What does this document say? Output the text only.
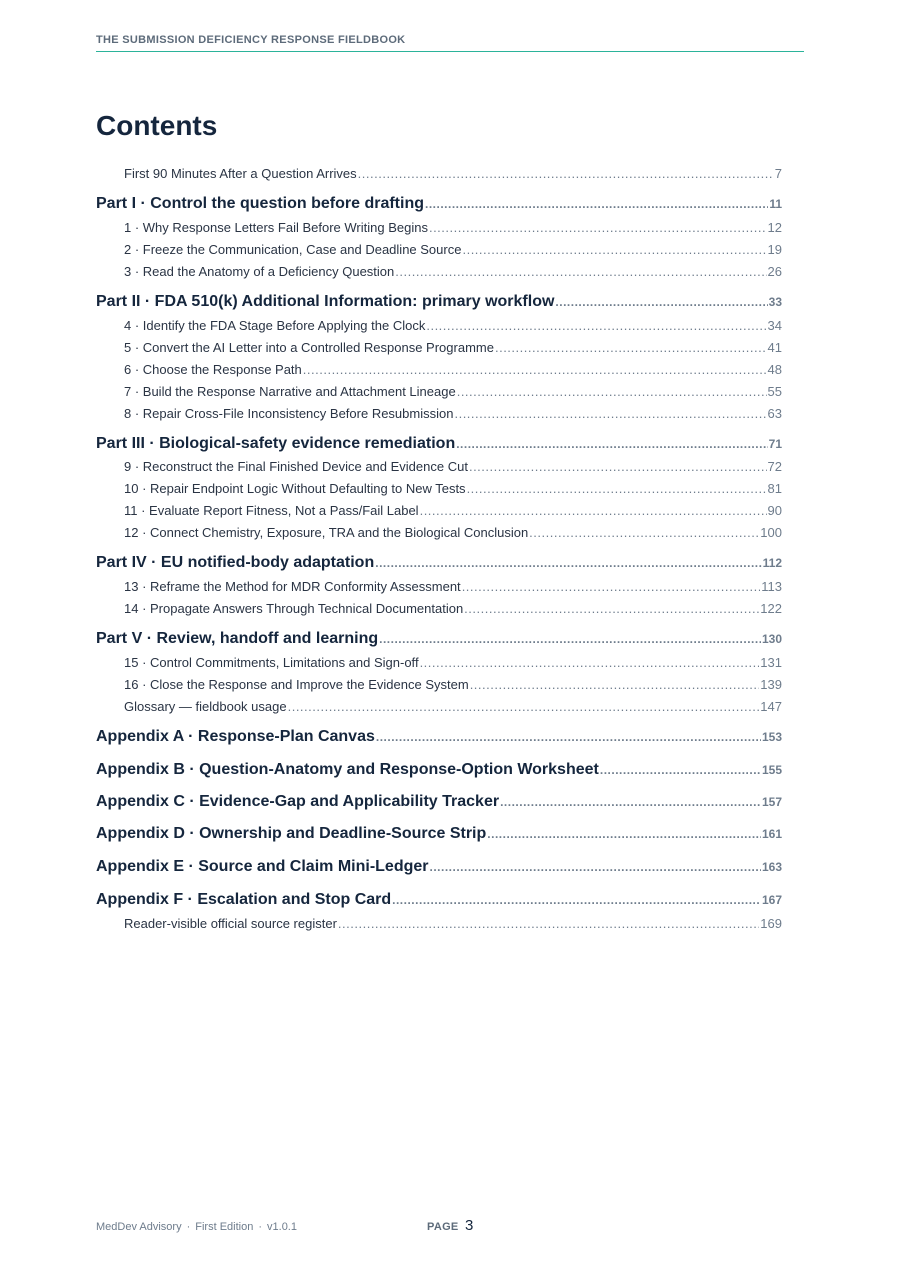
THE SUBMISSION DEFICIENCY RESPONSE FIELDBOOK
Contents
First 90 Minutes After a Question Arrives .....	7
Part I · Control the question before drafting .....	11
1 · Why Response Letters Fail Before Writing Begins .....	12
2 · Freeze the Communication, Case and Deadline Source .....	19
3 · Read the Anatomy of a Deficiency Question .....	26
Part II · FDA 510(k) Additional Information: primary workflow .....	33
4 · Identify the FDA Stage Before Applying the Clock .....	34
5 · Convert the AI Letter into a Controlled Response Programme .....	41
6 · Choose the Response Path .....	48
7 · Build the Response Narrative and Attachment Lineage .....	55
8 · Repair Cross-File Inconsistency Before Resubmission .....	63
Part III · Biological-safety evidence remediation .....	71
9 · Reconstruct the Final Finished Device and Evidence Cut .....	72
10 · Repair Endpoint Logic Without Defaulting to New Tests .....	81
11 · Evaluate Report Fitness, Not a Pass/Fail Label .....	90
12 · Connect Chemistry, Exposure, TRA and the Biological Conclusion .....	100
Part IV · EU notified-body adaptation .....	112
13 · Reframe the Method for MDR Conformity Assessment .....	113
14 · Propagate Answers Through Technical Documentation .....	122
Part V · Review, handoff and learning .....	130
15 · Control Commitments, Limitations and Sign-off .....	131
16 · Close the Response and Improve the Evidence System .....	139
Glossary — fieldbook usage .....	147
Appendix A · Response-Plan Canvas .....	153
Appendix B · Question-Anatomy and Response-Option Worksheet .....	155
Appendix C · Evidence-Gap and Applicability Tracker .....	157
Appendix D · Ownership and Deadline-Source Strip .....	161
Appendix E · Source and Claim Mini-Ledger .....	163
Appendix F · Escalation and Stop Card .....	167
Reader-visible official source register .....	169
MedDev Advisory · First Edition · v1.0.1	PAGE 3
